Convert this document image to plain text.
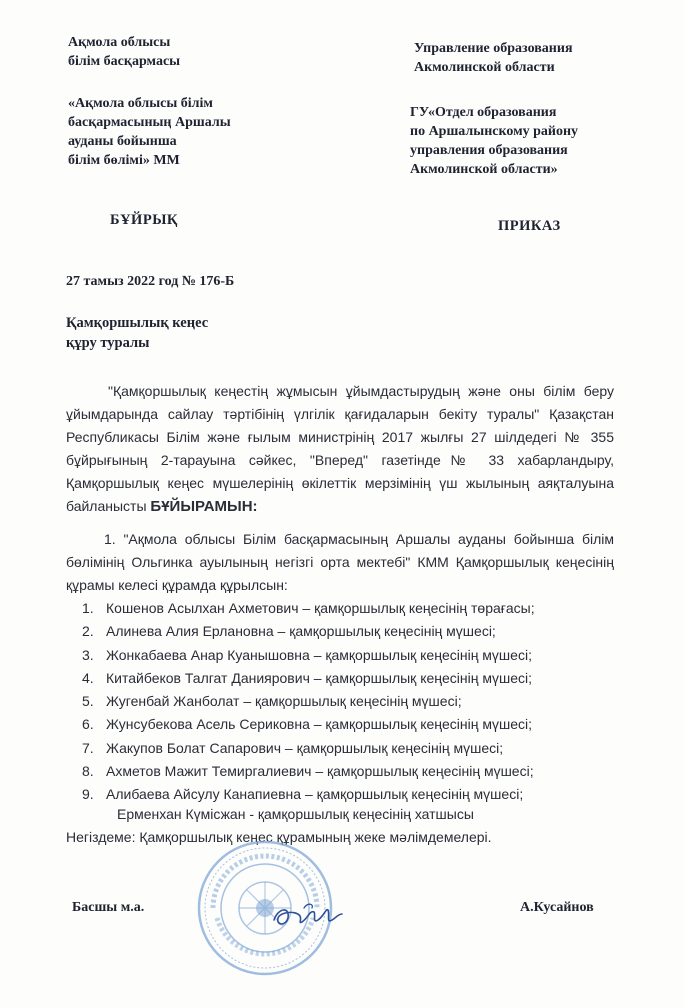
Ақмола облысы
білім басқармасы
«Ақмола облысы білім
басқармасының Аршалы
ауданы бойынша
білім бөлімі» ММ
Управление образования
Акмолинской области
ГУ«Отдел образования
по Аршалынскому району
управления образования
Акмолинской области»
БҰЙРЫҚ	ПРИКАЗ
27 тамыз 2022 год № 176-Б
Қамқоршылық кеңес
құру туралы
"Қамқоршылық кеңестің жұмысын ұйымдастырудың және оны білім беру ұйымдарында сайлау тәртібінің үлгілік қағидаларын бекіту туралы" Қазақстан Республикасы Білім және ғылым министрінің 2017 жылғы 27 шілдедегі № 355 бұйрығының 2-тарауына сәйкес, "Вперед" газетінде№ 33 хабарландыру, Қамқоршылық кеңес мүшелерінің өкілеттік мерзімінің үш жылының аяқталуына байланысты БҰЙЫРАМЫН:
1. "Ақмола облысы Білім басқармасының Аршалы ауданы бойынша білім бөлімінің Ольгинка ауылының негізгі орта мектебі" КММ Қамқоршылық кеңесінің құрамы келесі құрамда құрылсын:
1. Кошенов Асылхан Ахметович – қамқоршылық кеңесінің төрағасы;
2. Алинева Алия Ерлановна – қамқоршылық кеңесінің мүшесі;
3. Жонкабаева Анар Куанышовна – қамқоршылық кеңесінің мүшесі;
4. Китайбеков Талгат Даниярович – қамқоршылық кеңесінің мүшесі;
5. Жугенбай Жанболат – қамқоршылық кеңесінің мүшесі;
6. Жунсубекова Асель Сериковна – қамқоршылық кеңесінің мүшесі;
7. Жакупов Болат Сапарович – қамқоршылық кеңесінің мүшесі;
8. Ахметов Мажит Темиргалиевич – қамқоршылық кеңесінің мүшесі;
9. Алибаева Айсулу Канапиевна – қамқоршылық кеңесінің мүшесі;
Ерменхан Күмісжан - қамқоршылық кеңесінің хатшысы
Негіздеме: Қамқоршылық кеңес құрамының жеке мәлімдемелері.
Басшы м.а.	А.Кусайнов
